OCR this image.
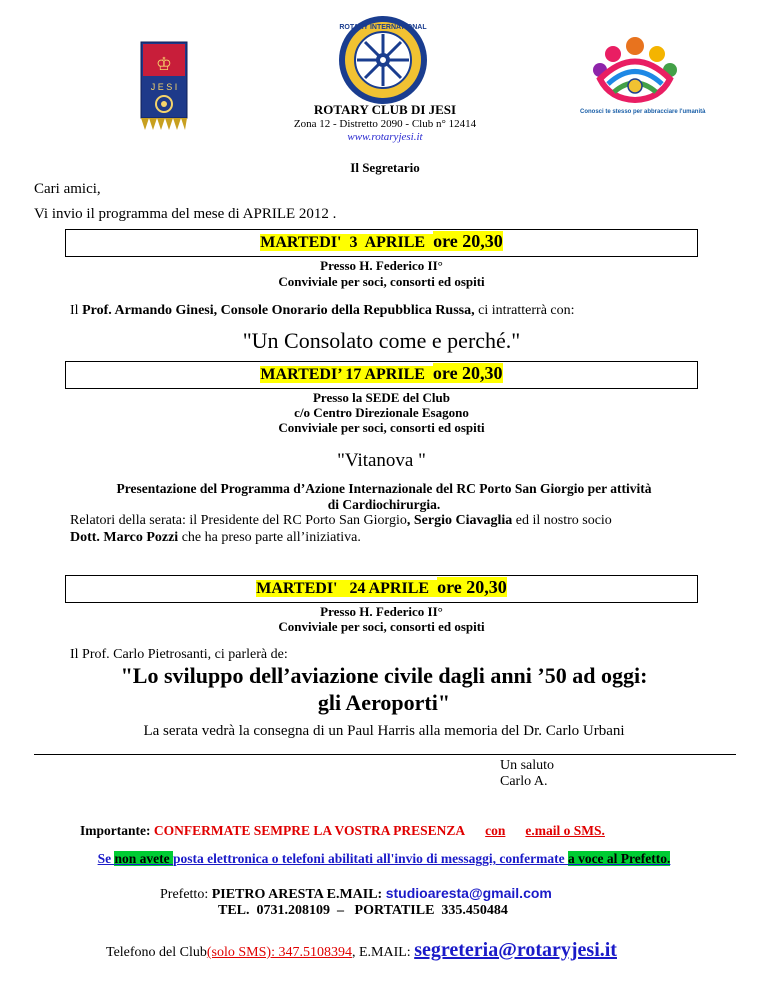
♔
J E S I
ROTARY INTERNATIONAL
Conosci te stesso per abbracciare l'umanità
ROTARY CLUB DI JESI
Zona 12 - Distretto 2090 - Club n° 12414
www.rotaryjesi.it
Il Segretario
Cari amici,
Vi invio il programma del mese di APRILE 2012 .
MARTEDI'  3  APRILE ore 20,30
Presso H. Federico II°
Conviviale per soci, consorti ed ospiti
Il Prof. Armando Ginesi, Console Onorario della Repubblica Russa, ci intratterrà con:
"Un Consolato come e perché."
MARTEDI’ 17 APRILE ore 20,30
Presso la SEDE del Club
c/o Centro Direzionale Esagono
Conviviale per soci, consorti ed ospiti
"Vitanova "
Presentazione del Programma d’Azione Internazionale del RC Porto San Giorgio per attività
di Cardiochirurgia.
Relatori della serata: il Presidente del RC Porto San Giorgio, Sergio Ciavaglia ed il nostro socio
Dott. Marco Pozzi che ha preso parte all’iniziativa.
MARTEDI'   24 APRILE ore 20,30
Presso H. Federico II°
Conviviale per soci, consorti ed ospiti
Il Prof. Carlo Pietrosanti, ci parlerà de:
"Lo sviluppo dell’aviazione civile dagli anni ’50 ad oggi:
gli Aeroporti"
La serata vedrà la consegna di un Paul Harris alla memoria del Dr. Carlo Urbani
Un saluto
Carlo A.
Importante: CONFERMATE SEMPRE LA VOSTRA PRESENZA con e.mail o SMS.
Se non avete posta elettronica o telefoni abilitati all'invio di messaggi, confermate a voce al Prefetto.
Prefetto: PIETRO ARESTA E.MAIL: studioaresta@gmail.com
TEL.  0731.208109  –   PORTATILE  335.450484
Telefono del Club(solo SMS): 347.5108394, E.MAIL: segreteria@rotaryjesi.it
